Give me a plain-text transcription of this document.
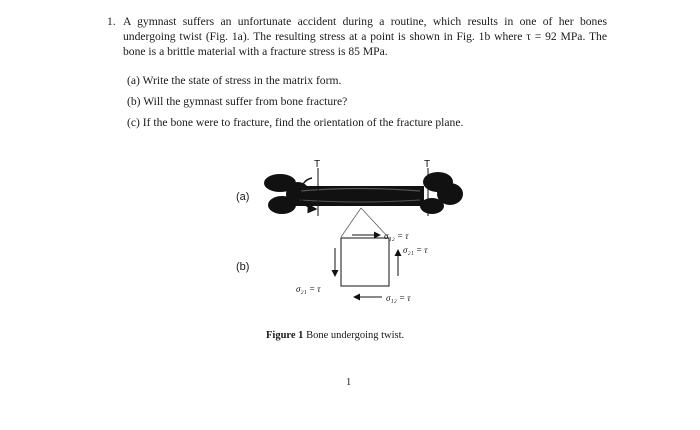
1. A gymnast suffers an unfortunate accident during a routine, which results in one of her bones undergoing twist (Fig. 1a). The resulting stress at a point is shown in Fig. 1b where τ = 92 MPa. The bone is a brittle material with a fracture stress is 85 MPa.
(a) Write the state of stress in the matrix form.
(b) Will the gymnast suffer from bone fracture?
(c) If the bone were to fracture, find the orientation of the fracture plane.
(a)
(b)
T	T
σ₁₂ = τ
σ₂₁ = τ
σ₂₁ = τ
σ₁₂ = τ
Figure 1 Bone undergoing twist.
1
